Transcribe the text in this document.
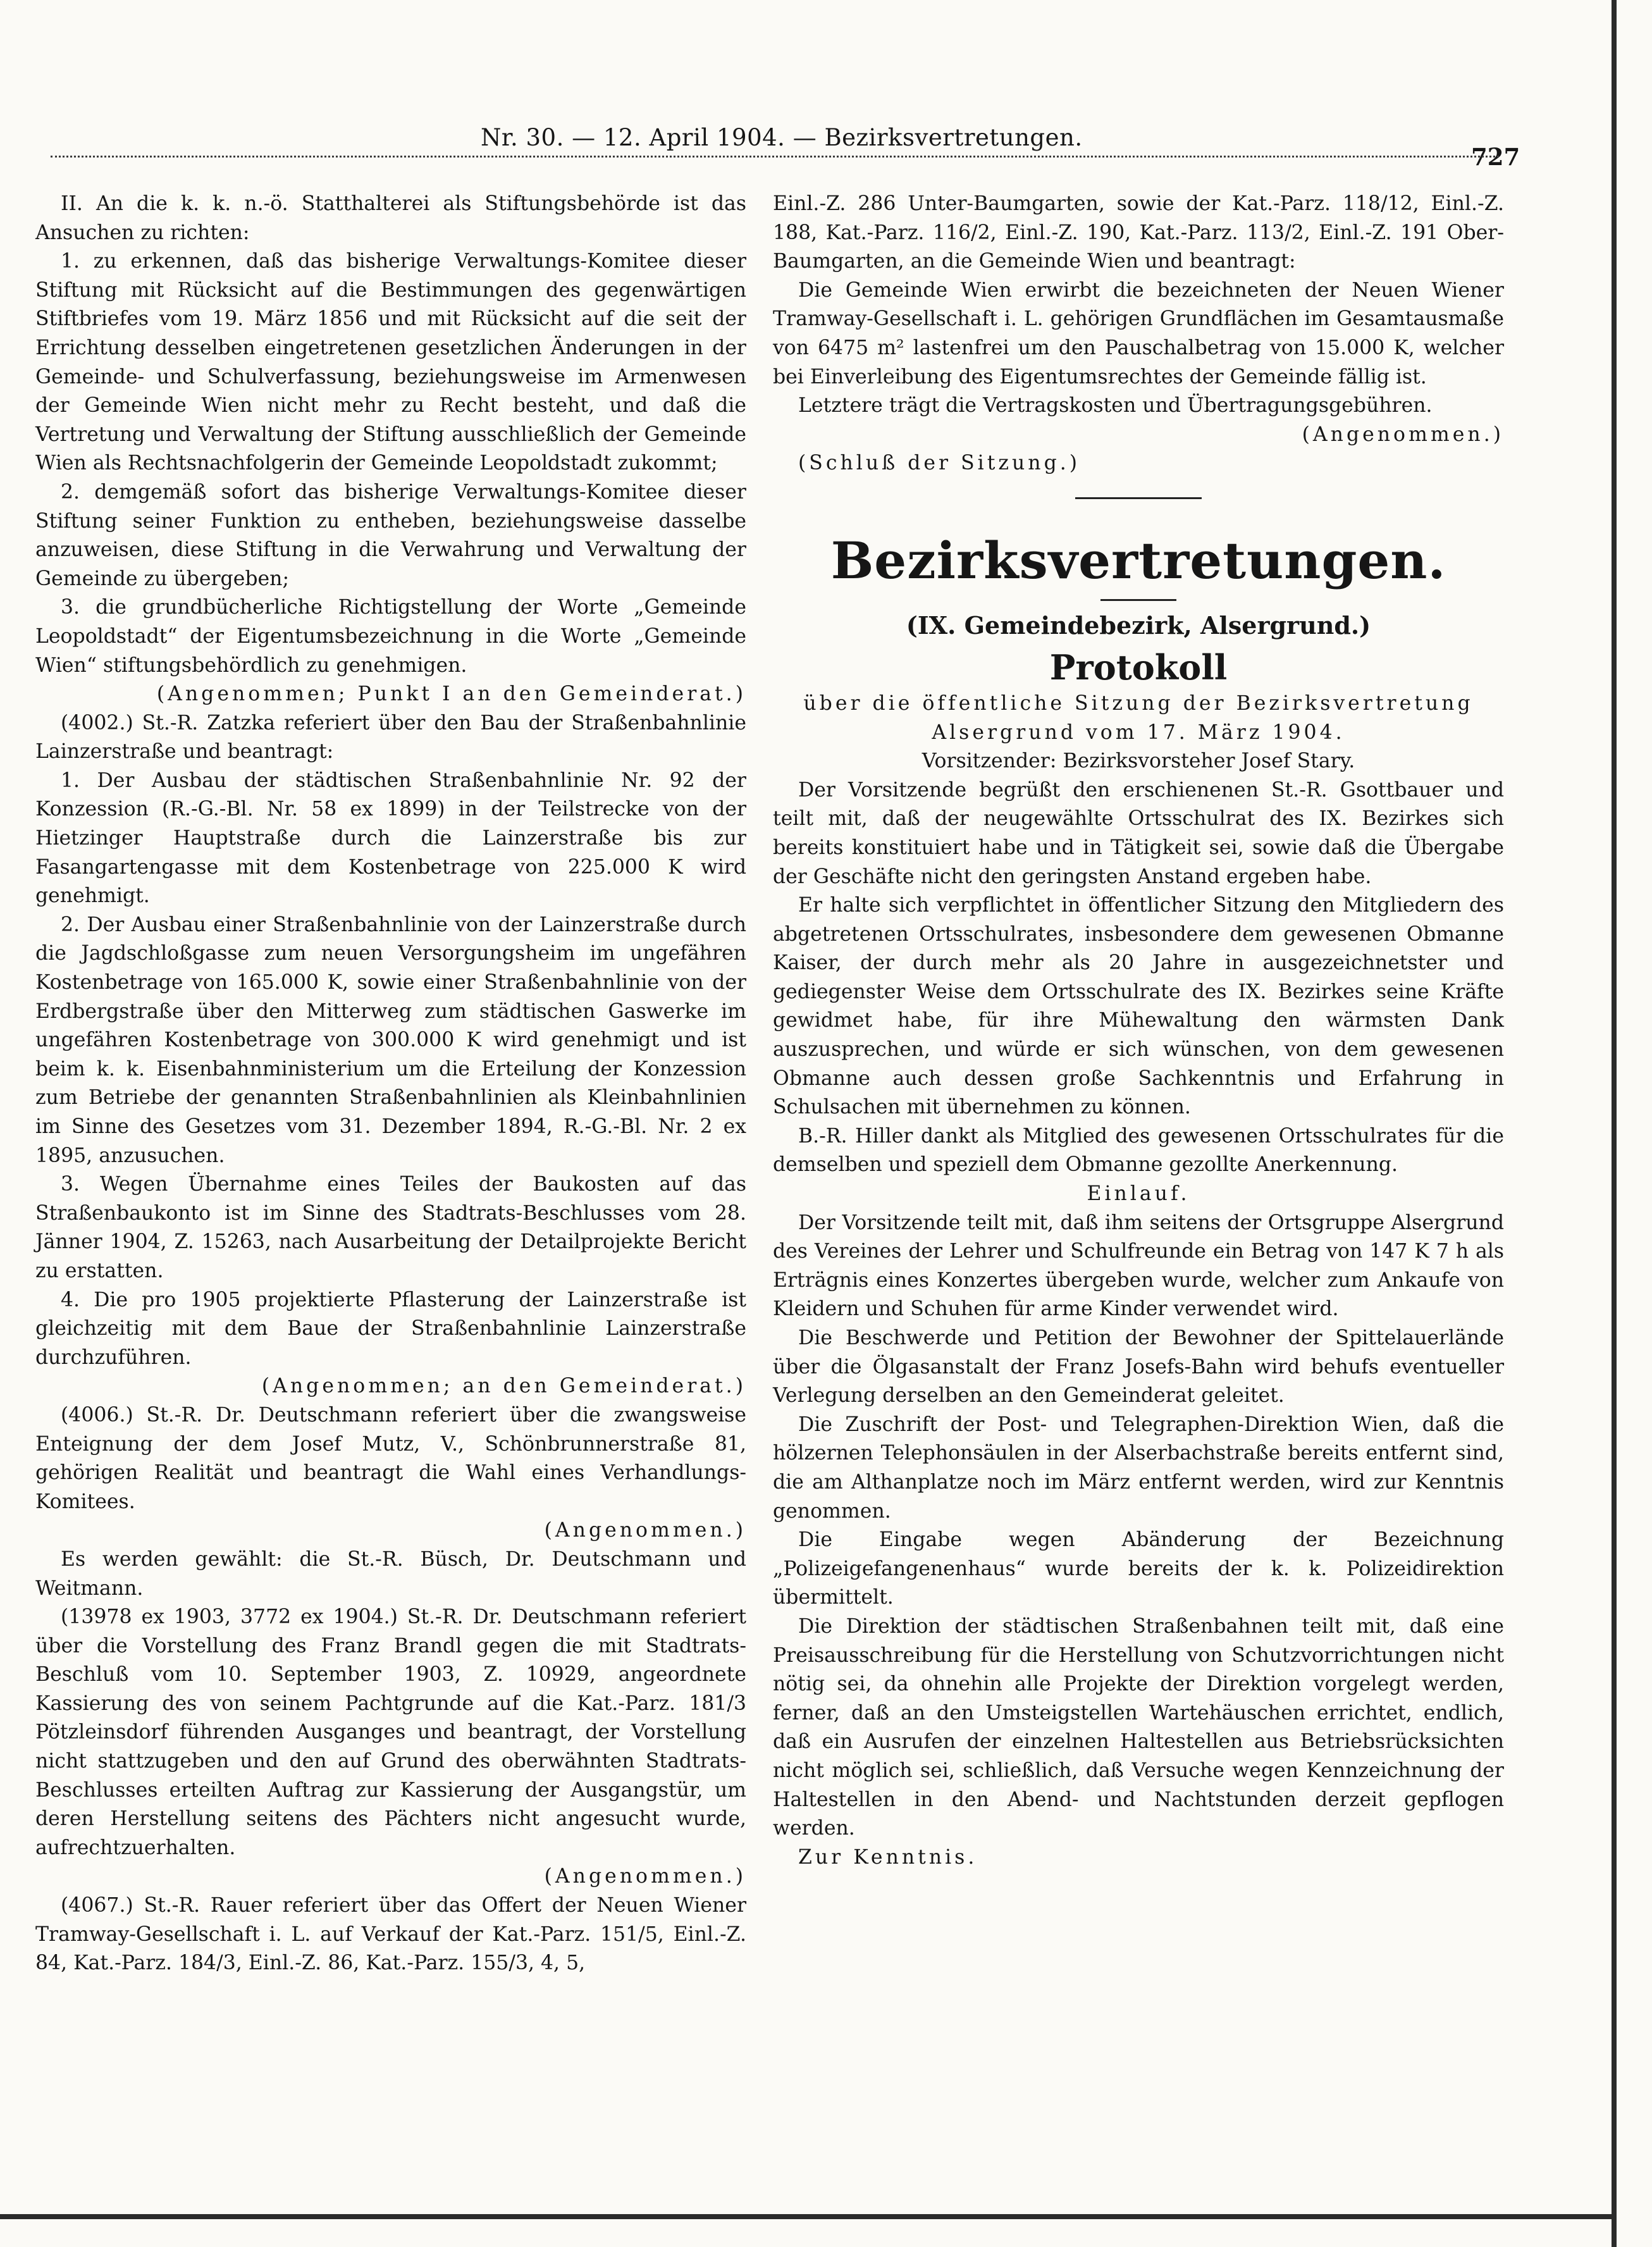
Nr. 30. — 12. April 1904. — Bezirksvertretungen.
727

II. An die k. k. n.-ö. Statthalterei als Stiftungsbehörde ist das Ansuchen zu richten:

1. zu erkennen, daß das bisherige Verwaltungs-Komitee dieser Stiftung mit Rücksicht auf die Bestimmungen des gegenwärtigen Stiftbriefes vom 19. März 1856 und mit Rücksicht auf die seit der Errichtung desselben eingetretenen gesetzlichen Änderungen in der Gemeinde- und Schulverfassung, beziehungsweise im Armenwesen der Gemeinde Wien nicht mehr zu Recht besteht, und daß die Vertretung und Verwaltung der Stiftung ausschließlich der Gemeinde Wien als Rechtsnachfolgerin der Gemeinde Leopoldstadt zukommt;

2. demgemäß sofort das bisherige Verwaltungs-Komitee dieser Stiftung seiner Funktion zu entheben, beziehungsweise dasselbe anzuweisen, diese Stiftung in die Verwahrung und Verwaltung der Gemeinde zu übergeben;

3. die grundbücherliche Richtigstellung der Worte „Gemeinde Leopoldstadt“ der Eigentumsbezeichnung in die Worte „Gemeinde Wien“ stiftungsbehördlich zu genehmigen.

(Angenommen; Punkt I an den Gemeinderat.)

(4002.) St.-R. Zatzka referiert über den Bau der Straßenbahnlinie Lainzerstraße und beantragt:

1. Der Ausbau der städtischen Straßenbahnlinie Nr. 92 der Konzession (R.-G.-Bl. Nr. 58 ex 1899) in der Teilstrecke von der Hietzinger Hauptstraße durch die Lainzerstraße bis zur Fasangartengasse mit dem Kostenbetrage von 225.000 K wird genehmigt.

2. Der Ausbau einer Straßenbahnlinie von der Lainzerstraße durch die Jagdschloßgasse zum neuen Versorgungsheim im ungefähren Kostenbetrage von 165.000 K, sowie einer Straßenbahnlinie von der Erdbergstraße über den Mitterweg zum städtischen Gaswerke im ungefähren Kostenbetrage von 300.000 K wird genehmigt und ist beim k. k. Eisenbahnministerium um die Erteilung der Konzession zum Betriebe der genannten Straßenbahnlinien als Kleinbahnlinien im Sinne des Gesetzes vom 31. Dezember 1894, R.-G.-Bl. Nr. 2 ex 1895, anzusuchen.

3. Wegen Übernahme eines Teiles der Baukosten auf das Straßenbaukonto ist im Sinne des Stadtrats-Beschlusses vom 28. Jänner 1904, Z. 15263, nach Ausarbeitung der Detailprojekte Bericht zu erstatten.

4. Die pro 1905 projektierte Pflasterung der Lainzerstraße ist gleichzeitig mit dem Baue der Straßenbahnlinie Lainzerstraße durchzuführen.

(Angenommen; an den Gemeinderat.)

(4006.) St.-R. Dr. Deutschmann referiert über die zwangsweise Enteignung der dem Josef Mutz, V., Schönbrunnerstraße 81, gehörigen Realität und beantragt die Wahl eines Verhandlungs-Komitees.

(Angenommen.)

Es werden gewählt: die St.-R. Büsch, Dr. Deutschmann und Weitmann.

(13978 ex 1903, 3772 ex 1904.) St.-R. Dr. Deutschmann referiert über die Vorstellung des Franz Brandl gegen die mit Stadtrats-Beschluß vom 10. September 1903, Z. 10929, angeordnete Kassierung des von seinem Pachtgrunde auf die Kat.-Parz. 181/3 Pötzleinsdorf führenden Ausganges und beantragt, der Vorstellung nicht stattzugeben und den auf Grund des oberwähnten Stadtrats-Beschlusses erteilten Auftrag zur Kassierung der Ausgangstür, um deren Herstellung seitens des Pächters nicht angesucht wurde, aufrechtzuerhalten.

(Angenommen.)

(4067.) St.-R. Rauer referiert über das Offert der Neuen Wiener Tramway-Gesellschaft i. L. auf Verkauf der Kat.-Parz. 151/5, Einl.-Z. 84, Kat.-Parz. 184/3, Einl.-Z. 86, Kat.-Parz. 155/3, 4, 5,

Einl.-Z. 286 Unter-Baumgarten, sowie der Kat.-Parz. 118/12, Einl.-Z. 188, Kat.-Parz. 116/2, Einl.-Z. 190, Kat.-Parz. 113/2, Einl.-Z. 191 Ober-Baumgarten, an die Gemeinde Wien und beantragt:

Die Gemeinde Wien erwirbt die bezeichneten der Neuen Wiener Tramway-Gesellschaft i. L. gehörigen Grundflächen im Gesamtausmaße von 6475 m² lastenfrei um den Pauschalbetrag von 15.000 K, welcher bei Einverleibung des Eigentumsrechtes der Gemeinde fällig ist.

Letztere trägt die Vertragskosten und Übertragungsgebühren.

(Angenommen.)

(Schluß der Sitzung.)

Bezirksvertretungen.

(IX. Gemeindebezirk, Alsergrund.)

Protokoll

über die öffentliche Sitzung der Bezirksvertretung Alsergrund vom 17. März 1904.

Vorsitzender: Bezirksvorsteher Josef Stary.

Der Vorsitzende begrüßt den erschienenen St.-R. Gsottbauer und teilt mit, daß der neugewählte Ortsschulrat des IX. Bezirkes sich bereits konstituiert habe und in Tätigkeit sei, sowie daß die Übergabe der Geschäfte nicht den geringsten Anstand ergeben habe.

Er halte sich verpflichtet in öffentlicher Sitzung den Mitgliedern des abgetretenen Ortsschulrates, insbesondere dem gewesenen Obmanne Kaiser, der durch mehr als 20 Jahre in ausgezeichnetster und gediegenster Weise dem Ortsschulrate des IX. Bezirkes seine Kräfte gewidmet habe, für ihre Mühewaltung den wärmsten Dank auszusprechen, und würde er sich wünschen, von dem gewesenen Obmanne auch dessen große Sachkenntnis und Erfahrung in Schulsachen mit übernehmen zu können.

B.-R. Hiller dankt als Mitglied des gewesenen Ortsschulrates für die demselben und speziell dem Obmanne gezollte Anerkennung.

Einlauf.

Der Vorsitzende teilt mit, daß ihm seitens der Ortsgruppe Alsergrund des Vereines der Lehrer und Schulfreunde ein Betrag von 147 K 7 h als Erträgnis eines Konzertes übergeben wurde, welcher zum Ankaufe von Kleidern und Schuhen für arme Kinder verwendet wird.

Die Beschwerde und Petition der Bewohner der Spittelauerlände über die Ölgasanstalt der Franz Josefs-Bahn wird behufs eventueller Verlegung derselben an den Gemeinderat geleitet.

Die Zuschrift der Post- und Telegraphen-Direktion Wien, daß die hölzernen Telephonsäulen in der Alserbachstraße bereits entfernt sind, die am Althanplatze noch im März entfernt werden, wird zur Kenntnis genommen.

Die Eingabe wegen Abänderung der Bezeichnung „Polizeigefangenenhaus“ wurde bereits der k. k. Polizeidirektion übermittelt.

Die Direktion der städtischen Straßenbahnen teilt mit, daß eine Preisausschreibung für die Herstellung von Schutzvorrichtungen nicht nötig sei, da ohnehin alle Projekte der Direktion vorgelegt werden, ferner, daß an den Umsteigstellen Wartehäuschen errichtet, endlich, daß ein Ausrufen der einzelnen Haltestellen aus Betriebsrücksichten nicht möglich sei, schließlich, daß Versuche wegen Kennzeichnung der Haltestellen in den Abend- und Nachtstunden derzeit gepflogen werden.

Zur Kenntnis.
